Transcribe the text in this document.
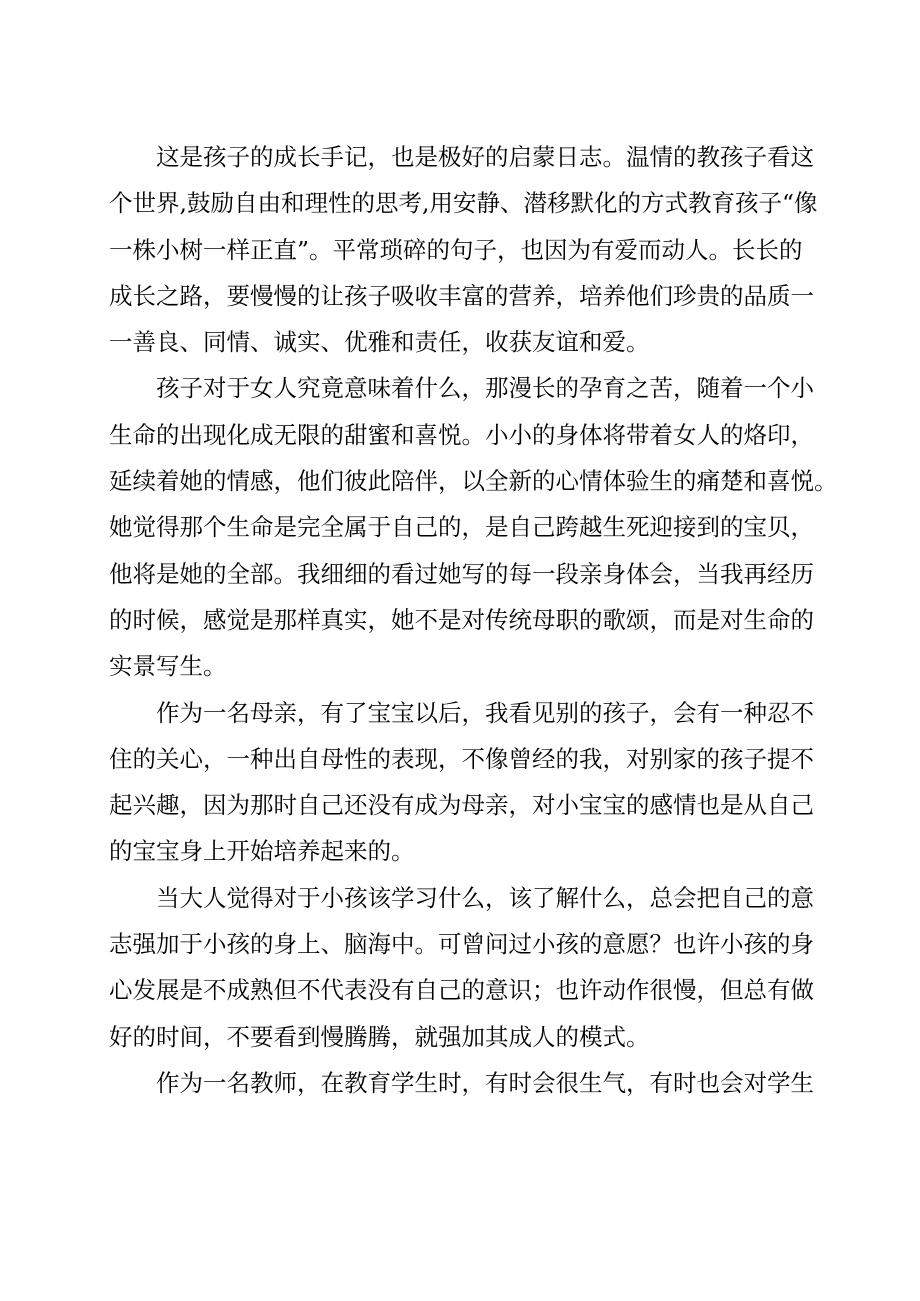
这是孩子的成长手记，也是极好的启蒙日志。温情的教孩子看这
个世界,鼓励自由和理性的思考,用安静、潜移默化的方式教育孩子“像
一株小树一样正直”。平常琐碎的句子，也因为有爱而动人。长长的
成长之路，要慢慢的让孩子吸收丰富的营养，培养他们珍贵的品质一
一善良、同情、诚实、优雅和责任，收获友谊和爱。
孩子对于女人究竟意味着什么，那漫长的孕育之苦，随着一个小
生命的出现化成无限的甜蜜和喜悦。小小的身体将带着女人的烙印，
延续着她的情感，他们彼此陪伴，以全新的心情体验生的痛楚和喜悦。
她觉得那个生命是完全属于自己的，是自己跨越生死迎接到的宝贝，
他将是她的全部。我细细的看过她写的每一段亲身体会，当我再经历
的时候，感觉是那样真实，她不是对传统母职的歌颂，而是对生命的
实景写生。
作为一名母亲，有了宝宝以后，我看见别的孩子，会有一种忍不
住的关心，一种出自母性的表现，不像曾经的我，对别家的孩子提不
起兴趣，因为那时自己还没有成为母亲，对小宝宝的感情也是从自己
的宝宝身上开始培养起来的。
当大人觉得对于小孩该学习什么，该了解什么，总会把自己的意
志强加于小孩的身上、脑海中。可曾问过小孩的意愿？也许小孩的身
心发展是不成熟但不代表没有自己的意识；也许动作很慢，但总有做
好的时间，不要看到慢腾腾，就强加其成人的模式。
作为一名教师，在教育学生时，有时会很生气，有时也会对学生
